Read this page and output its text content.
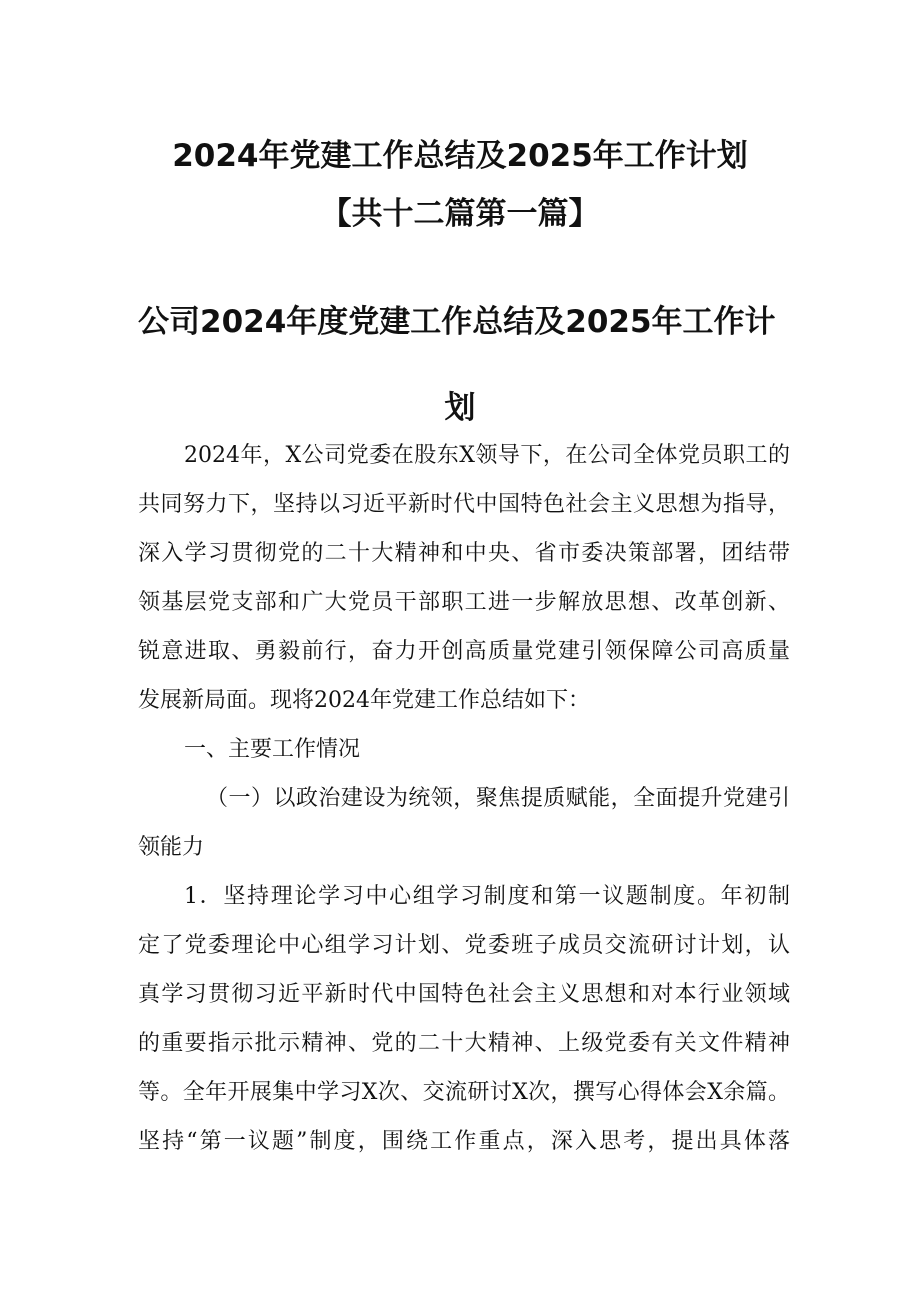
2024年党建工作总结及2025年工作计划
【共十二篇第一篇】
公司2024年度党建工作总结及2025年工作计
划
2024年，X公司党委在股东X领导下，在公司全体党员职工的
共同努力下，坚持以习近平新时代中国特色社会主义思想为指导，
深入学习贯彻党的二十大精神和中央、省市委决策部署，团结带
领基层党支部和广大党员干部职工进一步解放思想、改革创新、
锐意进取、勇毅前行，奋力开创高质量党建引领保障公司高质量
发展新局面。现将2024年党建工作总结如下：
一、主要工作情况
（一）以政治建设为统领，聚焦提质赋能，全面提升党建引
领能力
1．坚持理论学习中心组学习制度和第一议题制度。年初制
定了党委理论中心组学习计划、党委班子成员交流研讨计划，认
真学习贯彻习近平新时代中国特色社会主义思想和对本行业领域
的重要指示批示精神、党的二十大精神、上级党委有关文件精神
等。全年开展集中学习X次、交流研讨X次，撰写心得体会X余篇。
坚持“第一议题”制度，围绕工作重点，深入思考，提出具体落
